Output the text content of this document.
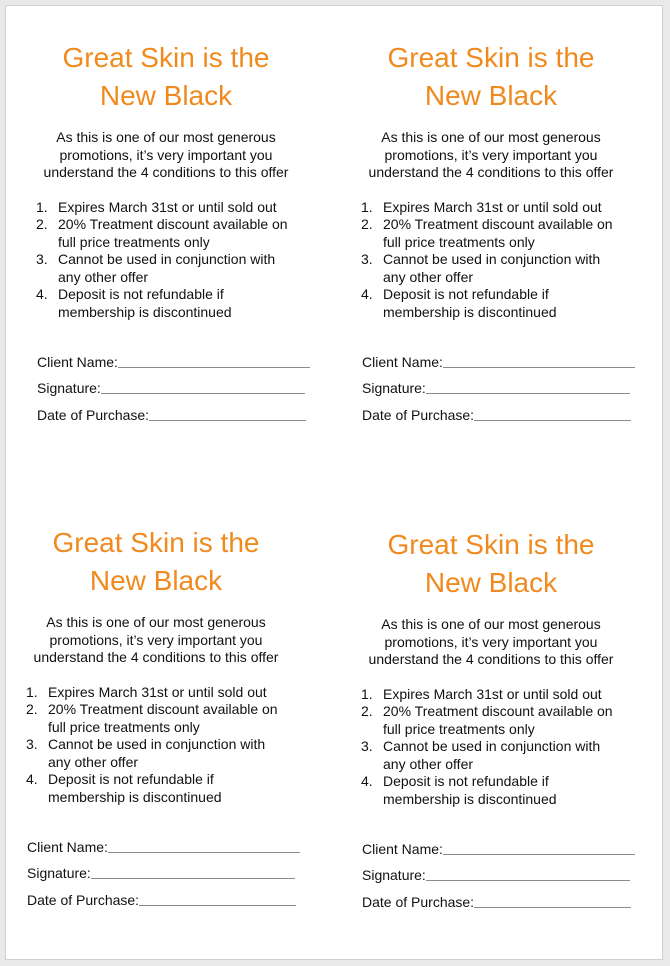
Great Skin is the
New Black
As this is one of our most generous
promotions, it’s very important you
understand the 4 conditions to this offer
1. Expires March 31st or until sold out
2. 20% Treatment discount available on
full price treatments only
3. Cannot be used in conjunction with
any other offer
4. Deposit is not refundable if
membership is discontinued
Client Name:
Signature:
Date of Purchase:
Great Skin is the
New Black
As this is one of our most generous
promotions, it’s very important you
understand the 4 conditions to this offer
1. Expires March 31st or until sold out
2. 20% Treatment discount available on
full price treatments only
3. Cannot be used in conjunction with
any other offer
4. Deposit is not refundable if
membership is discontinued
Client Name:
Signature:
Date of Purchase:
Great Skin is the
New Black
As this is one of our most generous
promotions, it’s very important you
understand the 4 conditions to this offer
1. Expires March 31st or until sold out
2. 20% Treatment discount available on
full price treatments only
3. Cannot be used in conjunction with
any other offer
4. Deposit is not refundable if
membership is discontinued
Client Name:
Signature:
Date of Purchase:
Great Skin is the
New Black
As this is one of our most generous
promotions, it’s very important you
understand the 4 conditions to this offer
1. Expires March 31st or until sold out
2. 20% Treatment discount available on
full price treatments only
3. Cannot be used in conjunction with
any other offer
4. Deposit is not refundable if
membership is discontinued
Client Name:
Signature:
Date of Purchase:
